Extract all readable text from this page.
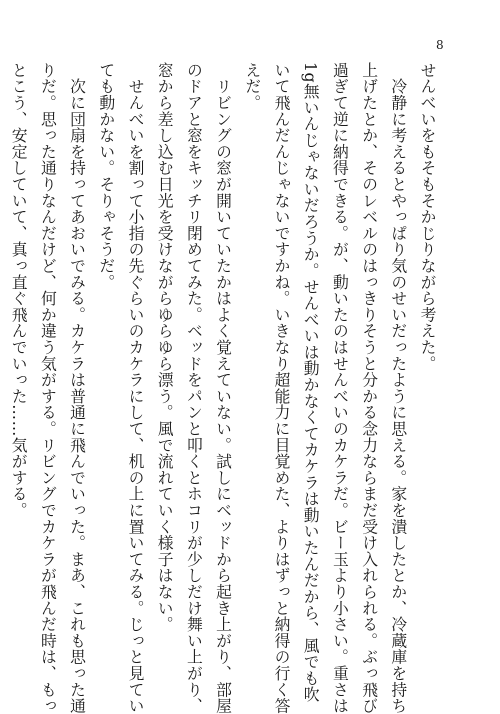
8
せんべいをもそもそかじりながら考えた。
　冷静に考えるとやっぱり気のせいだったように思える。家を潰したとか、冷蔵庫を持ち
上げたとか、そのレベルのはっきりそうと分かる念力ならまだ受け入れられる。ぶっ飛び
過ぎて逆に納得できる。が、動いたのはせんべいのカケラだ。ビー玉より小さい。重さは
1g無いんじゃないだろうか。せんべいは動かなくてカケラは動いたんだから、風でも吹
いて飛んだんじゃないですかね。いきなり超能力に目覚めた、よりはずっと納得の行く答
えだ。
　リビングの窓が開いていたかはよく覚えていない。試しにベッドから起き上がり、部屋
のドアと窓をキッチリ閉めてみた。ベッドをパンと叩くとホコリが少しだけ舞い上がり、
窓から差し込む日光を受けながらゆらゆら漂う。風で流れていく様子はない。
　せんべいを割って小指の先ぐらいのカケラにして、机の上に置いてみる。じっと見てい
ても動かない。そりゃそうだ。
　次に団扇を持ってあおいでみる。カケラは普通に飛んでいった。まあ、これも思った通
りだ。思った通りなんだけど、何か違う気がする。リビングでカケラが飛んだ時は、もっ
とこう、安定していて、真っ直ぐ飛んでいった……気がする。
